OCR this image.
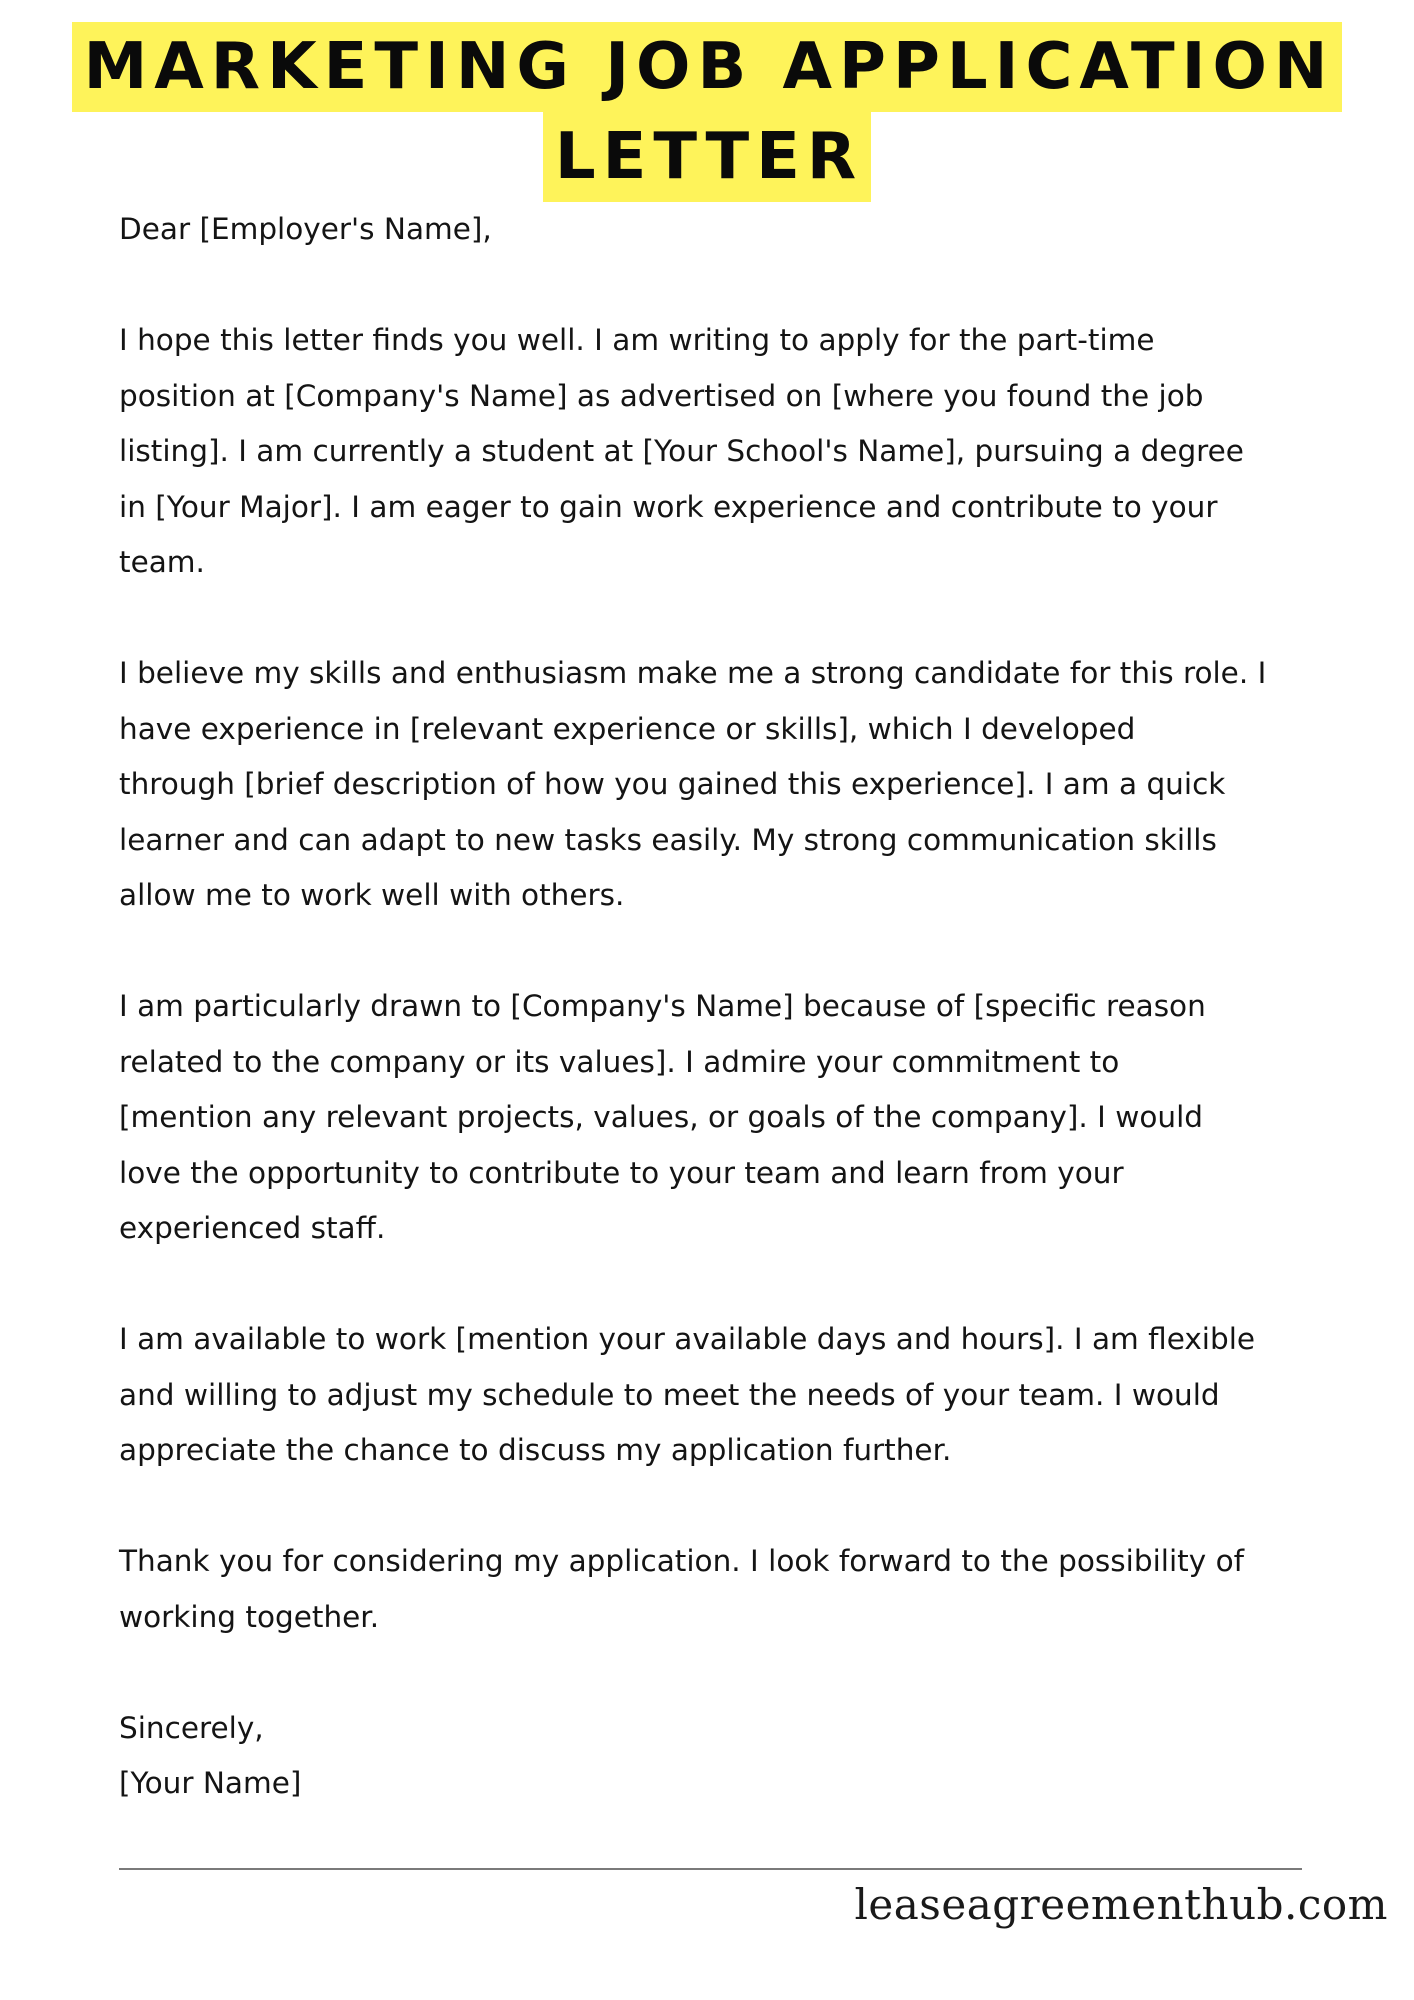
MARKETING JOB APPLICATION
LETTER

Dear [Employer's Name],

I hope this letter finds you well. I am writing to apply for the part-time
position at [Company's Name] as advertised on [where you found the job
listing]. I am currently a student at [Your School's Name], pursuing a degree
in [Your Major]. I am eager to gain work experience and contribute to your
team.

I believe my skills and enthusiasm make me a strong candidate for this role. I
have experience in [relevant experience or skills], which I developed
through [brief description of how you gained this experience]. I am a quick
learner and can adapt to new tasks easily. My strong communication skills
allow me to work well with others.

I am particularly drawn to [Company's Name] because of [specific reason
related to the company or its values]. I admire your commitment to
[mention any relevant projects, values, or goals of the company]. I would
love the opportunity to contribute to your team and learn from your
experienced staff.

I am available to work [mention your available days and hours]. I am flexible
and willing to adjust my schedule to meet the needs of your team. I would
appreciate the chance to discuss my application further.

Thank you for considering my application. I look forward to the possibility of
working together.

Sincerely,
[Your Name]

leaseagreementhub.com
